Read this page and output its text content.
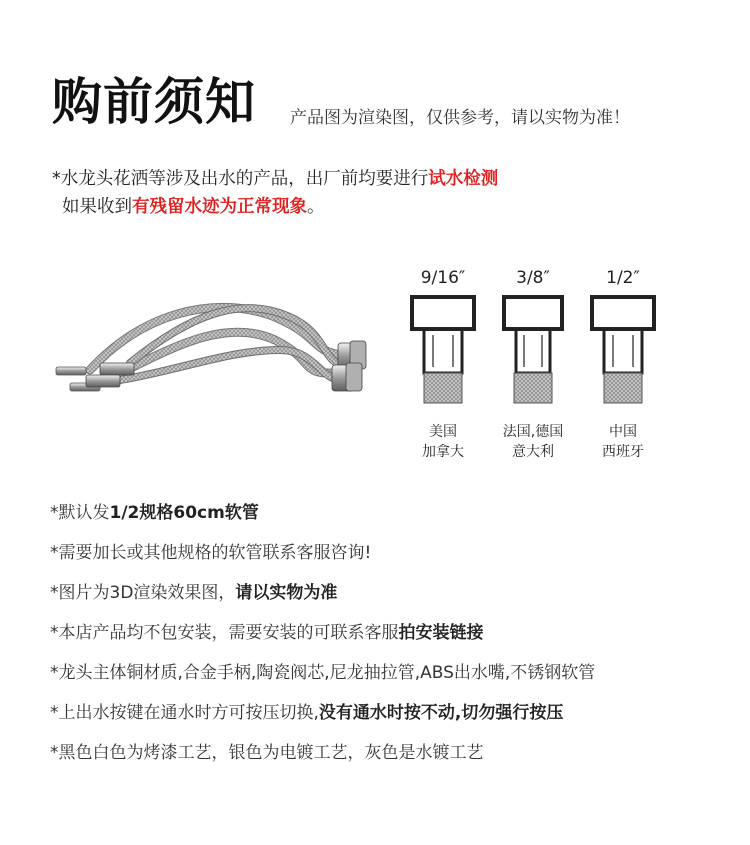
购前须知 产品图为渲染图，仅供参考，请以实物为准！
*水龙头花洒等涉及出水的产品，出厂前均要进行试水检测
如果收到有残留水迹为正常现象。
9/16″	3/8″	1/2″
美国
加拿大
法国,德国
意大利
中国
西班牙
*默认发1/2规格60cm软管
*需要加长或其他规格的软管联系客服咨询!
*图片为3D渲染效果图，请以实物为准
*本店产品均不包安装，需要安装的可联系客服拍安装链接
*龙头主体铜材质,合金手柄,陶瓷阀芯,尼龙抽拉管,ABS出水嘴,不锈钢软管
*上出水按键在通水时方可按压切换,没有通水时按不动,切勿强行按压
*黑色白色为烤漆工艺，银色为电镀工艺，灰色是水镀工艺
